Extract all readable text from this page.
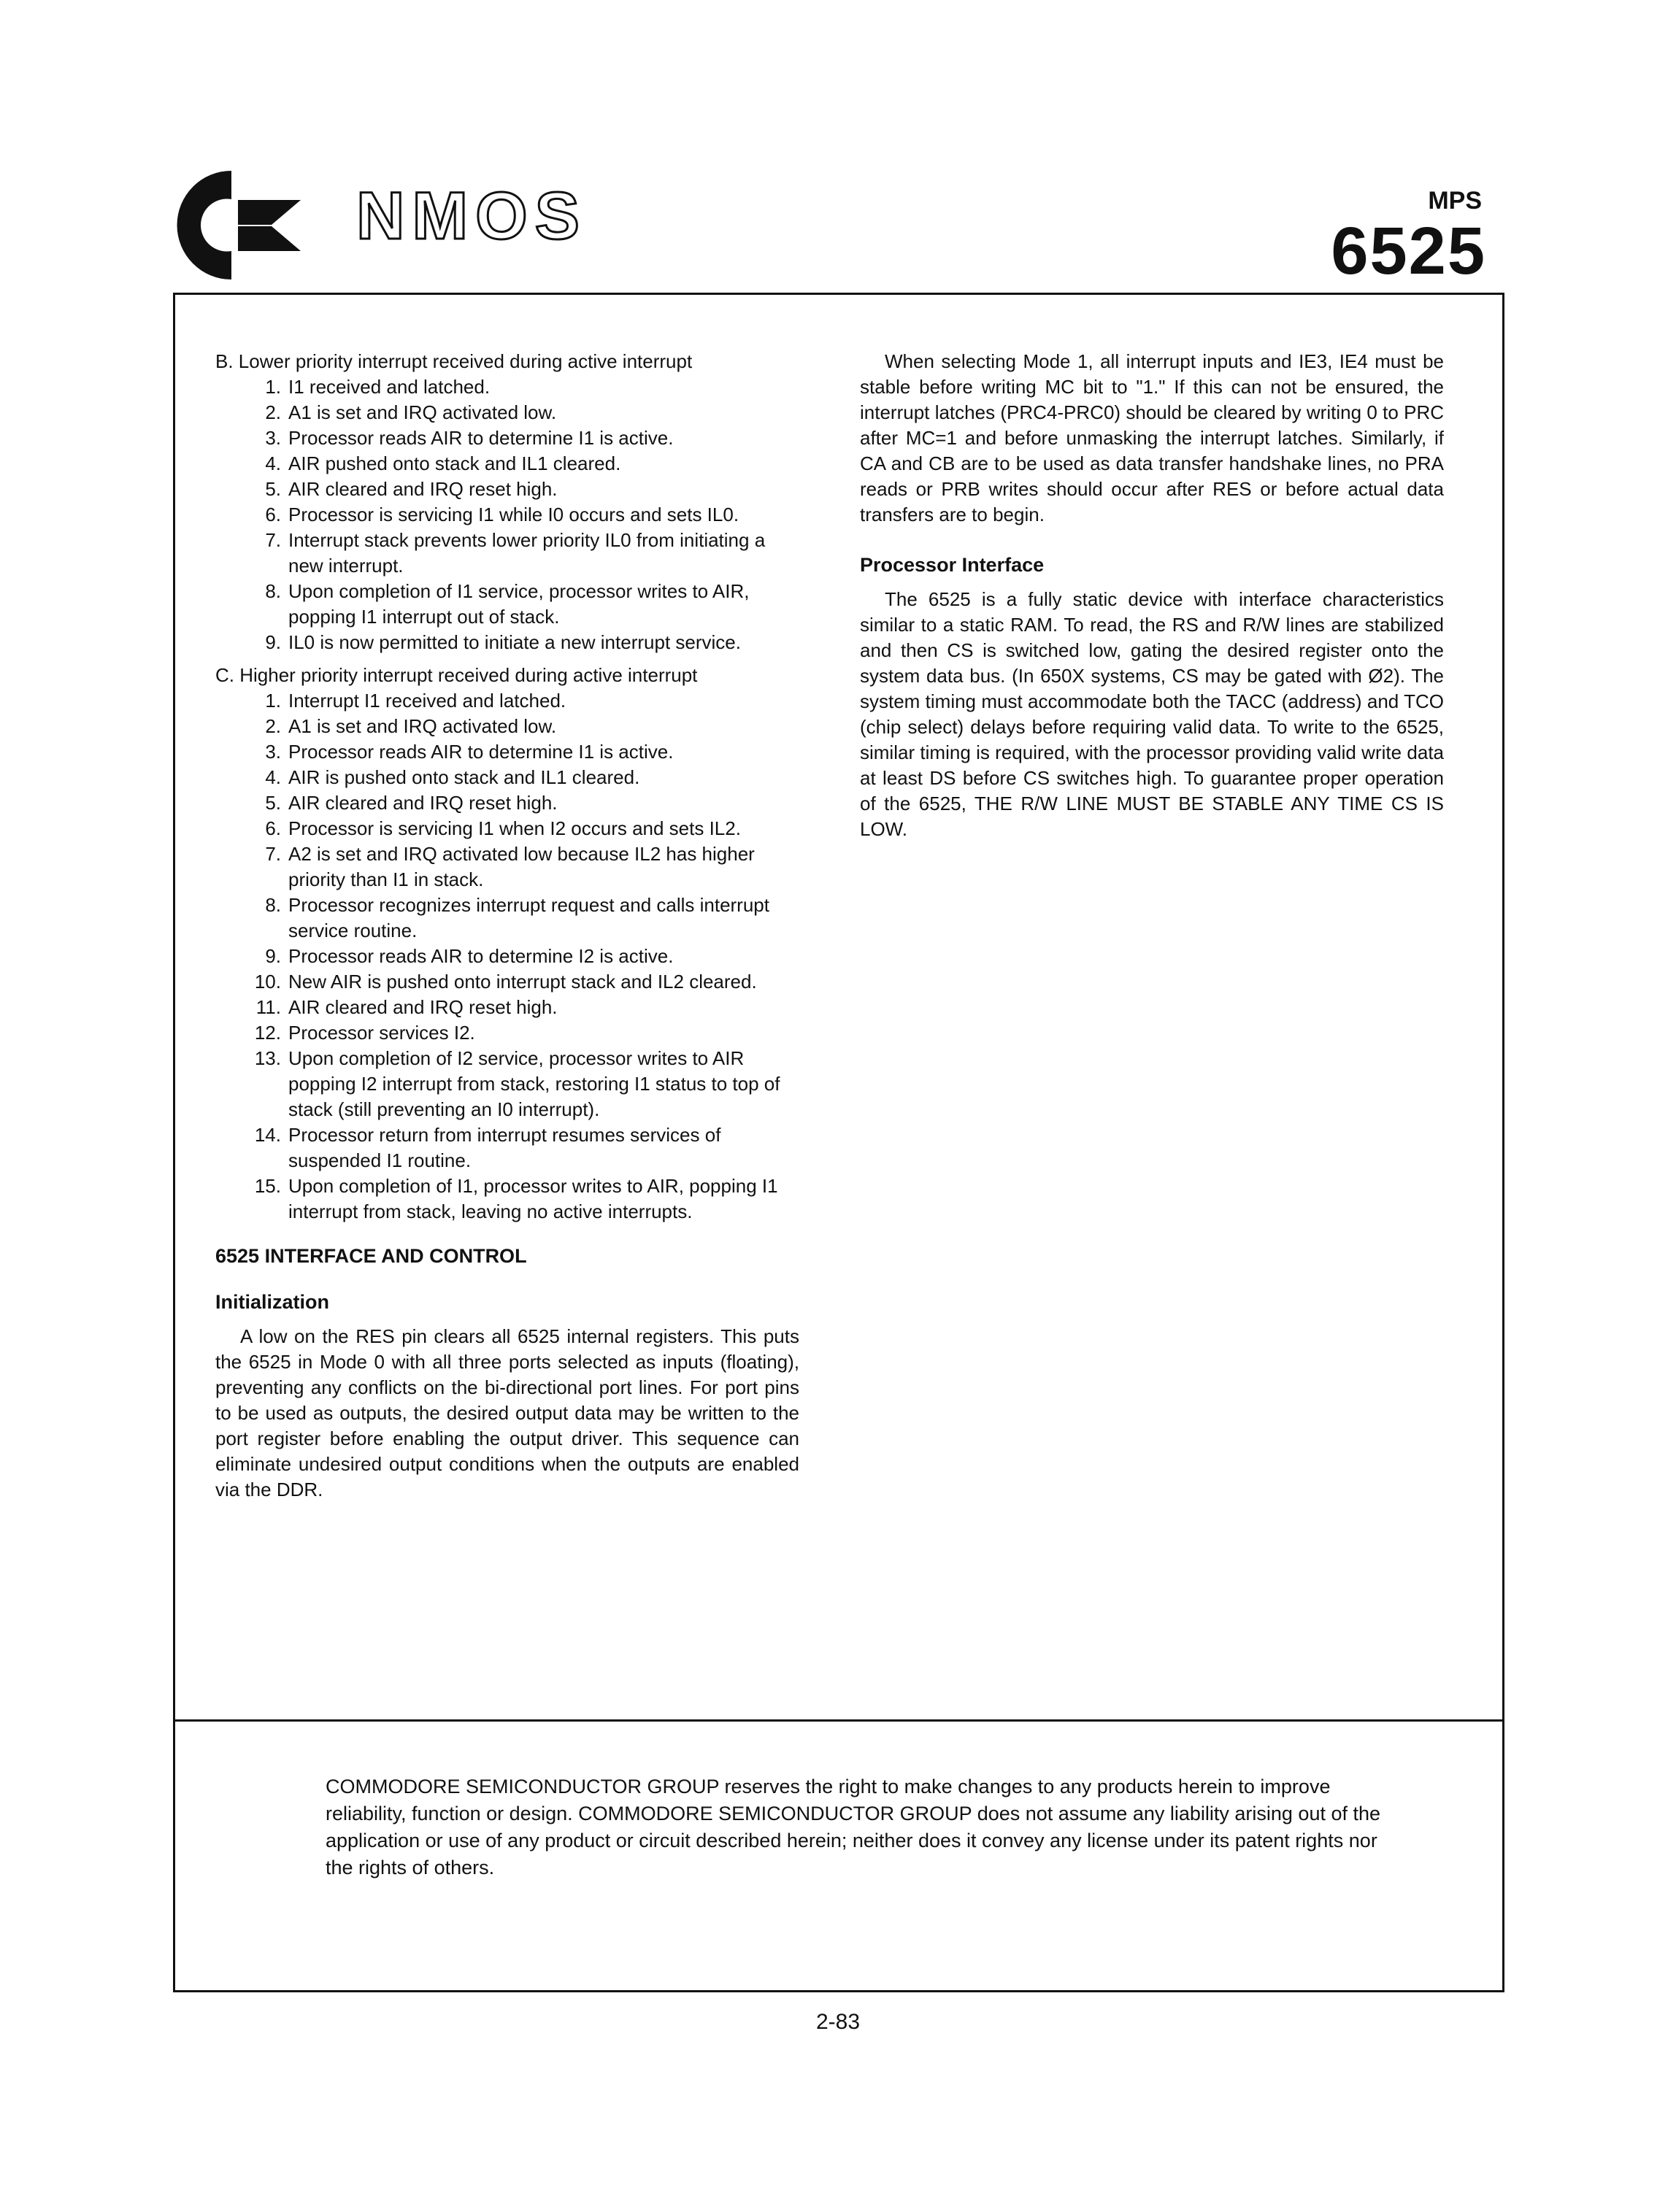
NMOS	MPS
6525
B. Lower priority interrupt received during active interrupt
1. I1 received and latched.
2. A1 is set and IRQ activated low.
3. Processor reads AIR to determine I1 is active.
4. AIR pushed onto stack and IL1 cleared.
5. AIR cleared and IRQ reset high.
6. Processor is servicing I1 while I0 occurs and sets IL0.
7. Interrupt stack prevents lower priority IL0 from initiating a new interrupt.
8. Upon completion of I1 service, processor writes to AIR, popping I1 interrupt out of stack.
9. IL0 is now permitted to initiate a new interrupt service.
C. Higher priority interrupt received during active interrupt
1. Interrupt I1 received and latched.
2. A1 is set and IRQ activated low.
3. Processor reads AIR to determine I1 is active.
4. AIR is pushed onto stack and IL1 cleared.
5. AIR cleared and IRQ reset high.
6. Processor is servicing I1 when I2 occurs and sets IL2.
7. A2 is set and IRQ activated low because IL2 has higher priority than I1 in stack.
8. Processor recognizes interrupt request and calls interrupt service routine.
9. Processor reads AIR to determine I2 is active.
10. New AIR is pushed onto interrupt stack and IL2 cleared.
11. AIR cleared and IRQ reset high.
12. Processor services I2.
13. Upon completion of I2 service, processor writes to AIR popping I2 interrupt from stack, restoring I1 status to top of stack (still preventing an I0 interrupt).
14. Processor return from interrupt resumes services of suspended I1 routine.
15. Upon completion of I1, processor writes to AIR, popping I1 interrupt from stack, leaving no active interrupts.
6525 INTERFACE AND CONTROL
Initialization

A low on the RES pin clears all 6525 internal registers. This puts the 6525 in Mode 0 with all three ports selected as inputs (floating), preventing any conflicts on the bi-directional port lines. For port pins to be used as outputs, the desired output data may be written to the port register before enabling the output driver. This sequence can eliminate undesired output conditions when the outputs are enabled via the DDR.

When selecting Mode 1, all interrupt inputs and IE3, IE4 must be stable before writing MC bit to "1." If this can not be ensured, the interrupt latches (PRC4-PRC0) should be cleared by writing 0 to PRC after MC=1 and before unmasking the interrupt latches. Similarly, if CA and CB are to be used as data transfer handshake lines, no PRA reads or PRB writes should occur after RES or before actual data transfers are to begin.

Processor Interface

The 6525 is a fully static device with interface characteristics similar to a static RAM. To read, the RS and R/W lines are stabilized and then CS is switched low, gating the desired register onto the system data bus. (In 650X systems, CS may be gated with Ø2). The system timing must accommodate both the TACC (address) and TCO (chip select) delays before requiring valid data. To write to the 6525, similar timing is required, with the processor providing valid write data at least DS before CS switches high. To guarantee proper operation of the 6525, THE R/W LINE MUST BE STABLE ANY TIME CS IS LOW.

COMMODORE SEMICONDUCTOR GROUP reserves the right to make changes to any products herein to improve reliability, function or design. COMMODORE SEMICONDUCTOR GROUP does not assume any liability arising out of the application or use of any product or circuit described herein; neither does it convey any license under its patent rights nor the rights of others.
2-83
